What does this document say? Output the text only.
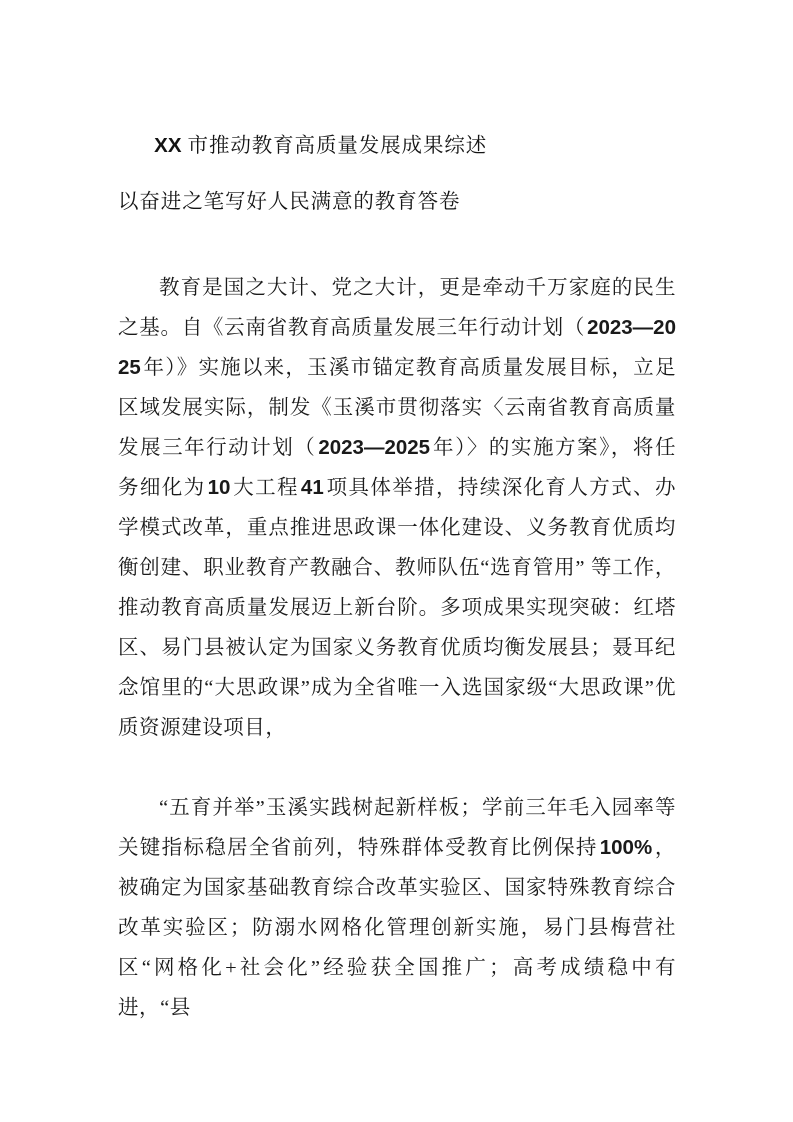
XX 市推动教育高质量发展成果综述

以奋进之笔写好人民满意的教育答卷

教育是国之大计、党之大计，更是牵动千万家庭的民生之基。自《云南省教育高质量发展三年行动计划（2023—2025年）》实施以来，玉溪市锚定教育高质量发展目标，立足区域发展实际，制发《玉溪市贯彻落实〈云南省教育高质量发展三年行动计划（2023—2025年）〉的实施方案》，将任务细化为10大工程41项具体举措，持续深化育人方式、办学模式改革，重点推进思政课一体化建设、义务教育优质均衡创建、职业教育产教融合、教师队伍“选育管用” 等工作，推动教育高质量发展迈上新台阶。多项成果实现突破：红塔区、易门县被认定为国家义务教育优质均衡发展县；聂耳纪念馆里的“大思政课”成为全省唯一入选国家级“大思政课”优质资源建设项目，

“五育并举”玉溪实践树起新样板；学前三年毛入园率等关键指标稳居全省前列，特殊群体受教育比例保持100%，被确定为国家基础教育综合改革实验区、国家特殊教育综合改革实验区；防溺水网格化管理创新实施，易门县梅营社区“网格化+社会化”经验获全国推广；高考成绩稳中有进，“县
